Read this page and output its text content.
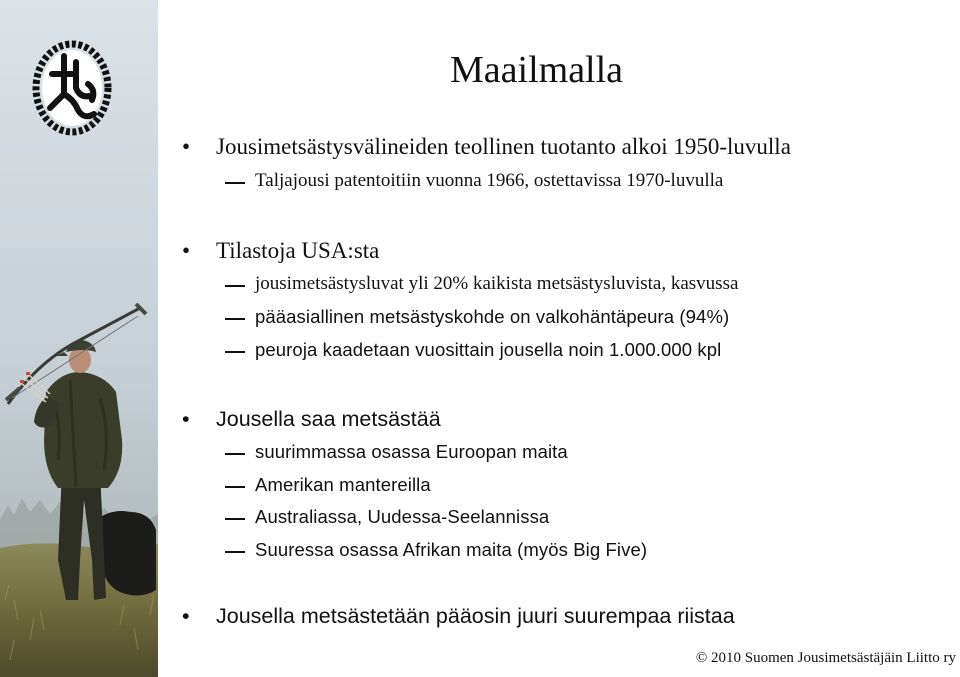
Maailmalla
• Jousimetsästysvälineiden teollinen tuotanto alkoi 1950-luvulla
Taljajousi patentoitiin vuonna 1966, ostettavissa 1970-luvulla
• Tilastoja USA:sta
jousimetsästysluvat yli 20% kaikista metsästysluvista, kasvussa
pääasiallinen metsästyskohde on valkohäntäpeura (94%)
peuroja kaadetaan vuosittain jousella noin 1.000.000 kpl
• Jousella saa metsästää
suurimmassa osassa Euroopan maita
Amerikan mantereilla
Australiassa, Uudessa-Seelannissa
Suuressa osassa Afrikan maita (myös Big Five)
• Jousella metsästetään pääosin juuri suurempaa riistaa
© 2010 Suomen Jousimetsästäjäin Liitto ry
